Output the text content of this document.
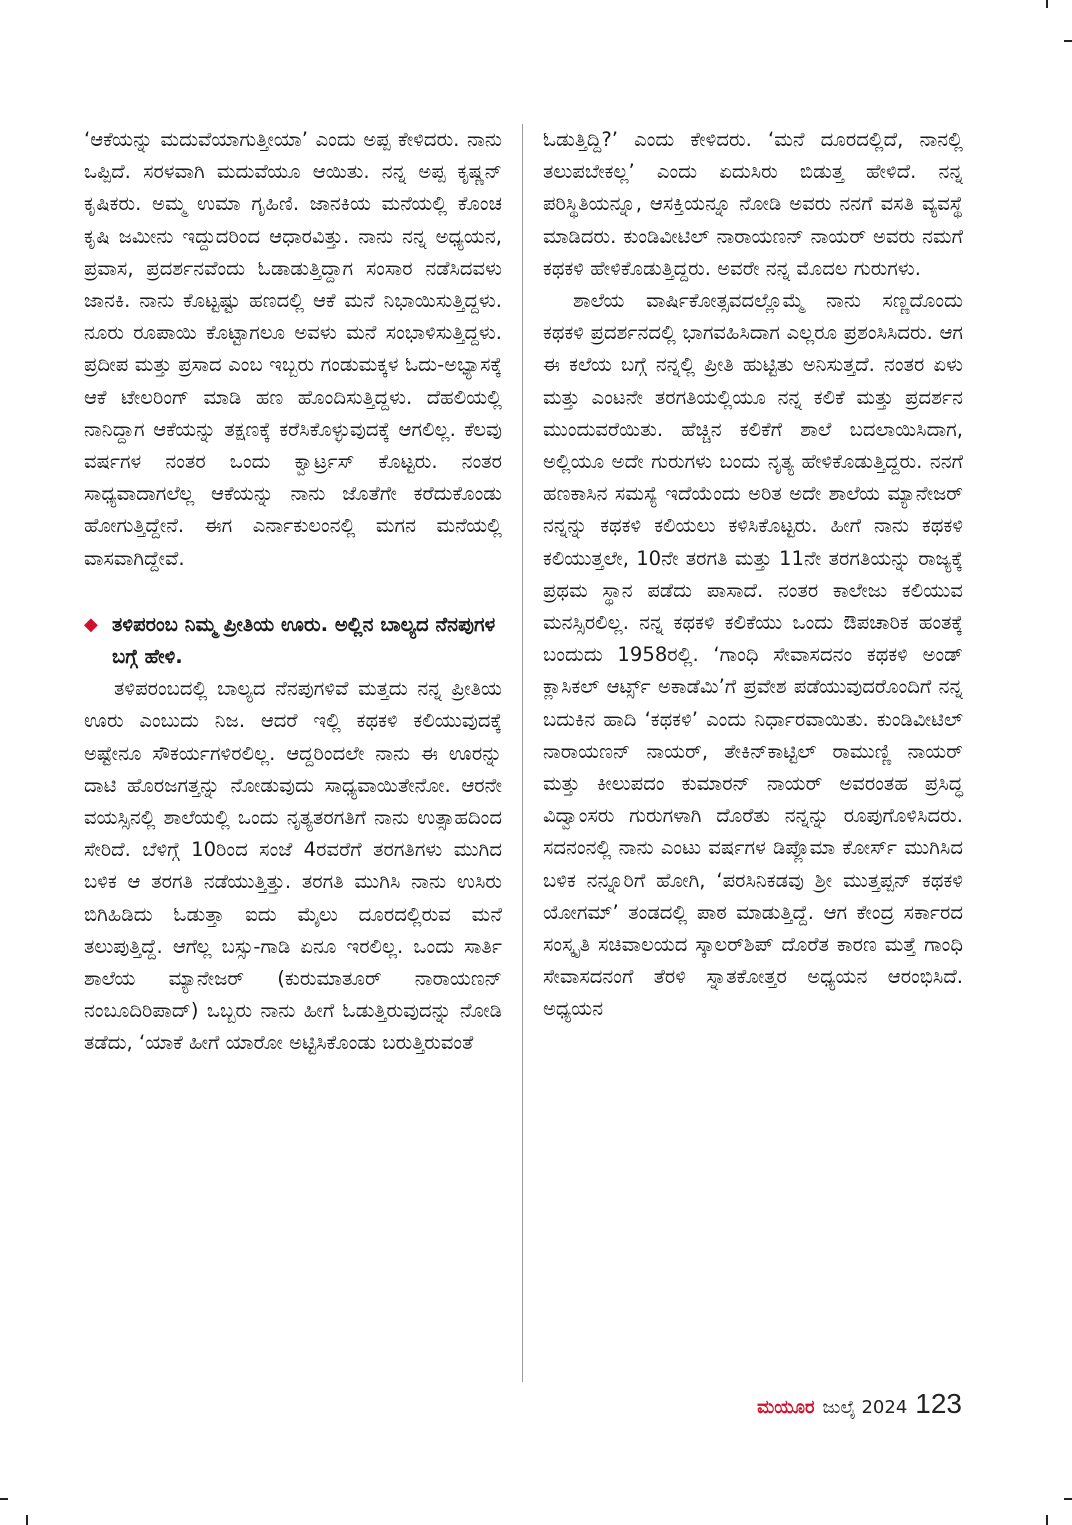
‘ಆಕೆಯನ್ನು ಮದುವೆಯಾಗುತ್ತೀಯಾ’ ಎಂದು ಅಪ್ಪ ಕೇಳಿದರು. ನಾನು ಒಪ್ಪಿದೆ. ಸರಳವಾಗಿ ಮದುವೆಯೂ ಆಯಿತು. ನನ್ನ ಅಪ್ಪ ಕೃಷ್ಣನ್ ಕೃಷಿಕರು. ಅಮ್ಮ ಉಮಾ ಗೃಹಿಣಿ. ಜಾನಕಿಯ ಮನೆಯಲ್ಲಿ ಕೊಂಚ ಕೃಷಿ ಜಮೀನು ಇದ್ದುದರಿಂದ ಆಧಾರವಿತ್ತು. ನಾನು ನನ್ನ ಅಧ್ಯಯನ, ಪ್ರವಾಸ, ಪ್ರದರ್ಶನವೆಂದು ಓಡಾಡುತ್ತಿದ್ದಾಗ ಸಂಸಾರ ನಡೆಸಿದವಳು ಜಾನಕಿ. ನಾನು ಕೊಟ್ಟಷ್ಟು ಹಣದಲ್ಲಿ ಆಕೆ ಮನೆ ನಿಭಾಯಿಸುತ್ತಿದ್ದಳು. ನೂರು ರೂಪಾಯಿ ಕೊಟ್ಟಾಗಲೂ ಅವಳು ಮನೆ ಸಂಭಾಳಿಸುತ್ತಿದ್ದಳು. ಪ್ರದೀಪ ಮತ್ತು ಪ್ರಸಾದ ಎಂಬ ಇಬ್ಬರು ಗಂಡುಮಕ್ಕಳ ಓದು-ಅಭ್ಯಾಸಕ್ಕೆ ಆಕೆ ಟೇಲರಿಂಗ್ ಮಾಡಿ ಹಣ ಹೊಂದಿಸುತ್ತಿದ್ದಳು. ದೆಹಲಿಯಲ್ಲಿ ನಾನಿದ್ದಾಗ ಆಕೆಯನ್ನು ತಕ್ಷಣಕ್ಕೆ ಕರೆಸಿಕೊಳ್ಳುವುದಕ್ಕೆ ಆಗಲಿಲ್ಲ. ಕೆಲವು ವರ್ಷಗಳ ನಂತರ ಒಂದು ಕ್ವಾರ್ಟ್ರಸ್ ಕೊಟ್ಟರು. ನಂತರ ಸಾಧ್ಯವಾದಾಗಲೆಲ್ಲ ಆಕೆಯನ್ನು ನಾನು ಜೊತೆಗೇ ಕರೆದುಕೊಂಡು ಹೋಗುತ್ತಿದ್ದೇನೆ. ಈಗ ಎರ್ನಾಕುಲಂನಲ್ಲಿ ಮಗನ ಮನೆಯಲ್ಲಿ ವಾಸವಾಗಿದ್ದೇವೆ.

◆ ತಳಿಪರಂಬ ನಿಮ್ಮ ಪ್ರೀತಿಯ ಊರು. ಅಲ್ಲಿನ ಬಾಲ್ಯದ ನೆನಪುಗಳ ಬಗ್ಗೆ ಹೇಳಿ.

ತಳಿಪರಂಬದಲ್ಲಿ ಬಾಲ್ಯದ ನೆನಪುಗಳಿವೆ ಮತ್ತದು ನನ್ನ ಪ್ರೀತಿಯ ಊರು ಎಂಬುದು ನಿಜ. ಆದರೆ ಇಲ್ಲಿ ಕಥಕಳಿ ಕಲಿಯುವುದಕ್ಕೆ ಅಷ್ಟೇನೂ ಸೌಕರ್ಯಗಳಿರಲಿಲ್ಲ. ಆದ್ದರಿಂದಲೇ ನಾನು ಈ ಊರನ್ನು ದಾಟಿ ಹೊರಜಗತ್ತನ್ನು ನೋಡುವುದು ಸಾಧ್ಯವಾಯಿತೇನೋ. ಆರನೇ ವಯಸ್ಸಿನಲ್ಲಿ ಶಾಲೆಯಲ್ಲಿ ಒಂದು ನೃತ್ಯತರಗತಿಗೆ ನಾನು ಉತ್ಸಾಹದಿಂದ ಸೇರಿದೆ. ಬೆಳಿಗ್ಗೆ 10ರಿಂದ ಸಂಜೆ 4ರವರೆಗೆ ತರಗತಿಗಳು ಮುಗಿದ ಬಳಿಕ ಆ ತರಗತಿ ನಡೆಯುತ್ತಿತ್ತು. ತರಗತಿ ಮುಗಿಸಿ ನಾನು ಉಸಿರು ಬಿಗಿಹಿಡಿದು ಓಡುತ್ತಾ ಐದು ಮೈಲು ದೂರದಲ್ಲಿರುವ ಮನೆ ತಲುಪುತ್ತಿದ್ದೆ. ಆಗೆಲ್ಲ ಬಸ್ಸು-ಗಾಡಿ ಏನೂ ಇರಲಿಲ್ಲ. ಒಂದು ಸಾರ್ತಿ ಶಾಲೆಯ ಮ್ಯಾನೇಜರ್ (ಕುರುಮಾತೂರ್ ನಾರಾಯಣನ್ ನಂಬೂದಿರಿಪಾದ್) ಒಬ್ಬರು ನಾನು ಹೀಗೆ ಓಡುತ್ತಿರುವುದನ್ನು ನೋಡಿ ತಡೆದು, ‘ಯಾಕೆ ಹೀಗೆ ಯಾರೋ ಅಟ್ಟಿಸಿಕೊಂಡು ಬರುತ್ತಿರುವಂತೆ

ಓಡುತ್ತಿದ್ದಿ?’ ಎಂದು ಕೇಳಿದರು. ‘ಮನೆ ದೂರದಲ್ಲಿದೆ, ನಾನಲ್ಲಿ ತಲುಪಬೇಕಲ್ಲ’ ಎಂದು ಏದುಸಿರು ಬಿಡುತ್ತ ಹೇಳಿದೆ. ನನ್ನ ಪರಿಸ್ಥಿತಿಯನ್ನೂ, ಆಸಕ್ತಿಯನ್ನೂ ನೋಡಿ ಅವರು ನನಗೆ ವಸತಿ ವ್ಯವಸ್ಥೆ ಮಾಡಿದರು. ಕುಂಡಿವೀಟಿಲ್ ನಾರಾಯಣನ್ ನಾಯರ್ ಅವರು ನಮಗೆ ಕಥಕಳಿ ಹೇಳಿಕೊಡುತ್ತಿದ್ದರು. ಅವರೇ ನನ್ನ ಮೊದಲ ಗುರುಗಳು.

ಶಾಲೆಯ ವಾರ್ಷಿಕೋತ್ಸವದಲ್ಲೊಮ್ಮೆ ನಾನು ಸಣ್ಣದೊಂದು ಕಥಕಳಿ ಪ್ರದರ್ಶನದಲ್ಲಿ ಭಾಗವಹಿಸಿದಾಗ ಎಲ್ಲರೂ ಪ್ರಶಂಸಿಸಿದರು. ಆಗ ಈ ಕಲೆಯ ಬಗ್ಗೆ ನನ್ನಲ್ಲಿ ಪ್ರೀತಿ ಹುಟ್ಟಿತು ಅನಿಸುತ್ತದೆ. ನಂತರ ಏಳು ಮತ್ತು ಎಂಟನೇ ತರಗತಿಯಲ್ಲಿಯೂ ನನ್ನ ಕಲಿಕೆ ಮತ್ತು ಪ್ರದರ್ಶನ ಮುಂದುವರೆಯಿತು. ಹೆಚ್ಚಿನ ಕಲಿಕೆಗೆ ಶಾಲೆ ಬದಲಾಯಿಸಿದಾಗ, ಅಲ್ಲಿಯೂ ಅದೇ ಗುರುಗಳು ಬಂದು ನೃತ್ಯ ಹೇಳಿಕೊಡುತ್ತಿದ್ದರು. ನನಗೆ ಹಣಕಾಸಿನ ಸಮಸ್ಯೆ ಇದೆಯೆಂದು ಅರಿತ ಅದೇ ಶಾಲೆಯ ಮ್ಯಾನೇಜರ್ ನನ್ನನ್ನು ಕಥಕಳಿ ಕಲಿಯಲು ಕಳಿಸಿಕೊಟ್ಟರು. ಹೀಗೆ ನಾನು ಕಥಕಳಿ ಕಲಿಯುತ್ತಲೇ, 10ನೇ ತರಗತಿ ಮತ್ತು 11ನೇ ತರಗತಿಯನ್ನು ರಾಜ್ಯಕ್ಕೆ ಪ್ರಥಮ ಸ್ಥಾನ ಪಡೆದು ಪಾಸಾದೆ. ನಂತರ ಕಾಲೇಜು ಕಲಿಯುವ ಮನಸ್ಸಿರಲಿಲ್ಲ. ನನ್ನ ಕಥಕಳಿ ಕಲಿಕೆಯು ಒಂದು ಔಪಚಾರಿಕ ಹಂತಕ್ಕೆ ಬಂದುದು 1958ರಲ್ಲಿ. ‘ಗಾಂಧಿ ಸೇವಾಸದನಂ ಕಥಕಳಿ ಅಂಡ್ ಕ್ಲಾಸಿಕಲ್ ಆರ್ಟ್ಸ್ ಅಕಾಡೆಮಿ’ಗೆ ಪ್ರವೇಶ ಪಡೆಯುವುದರೊಂದಿಗೆ ನನ್ನ ಬದುಕಿನ ಹಾದಿ ‘ಕಥಕಳಿ’ ಎಂದು ನಿರ್ಧಾರವಾಯಿತು. ಕುಂಡಿವೀಟಿಲ್ ನಾರಾಯಣನ್ ನಾಯರ್, ತೇಕಿನ್‌ಕಾಟ್ಟಿಲ್ ರಾಮುಣ್ಣಿ ನಾಯರ್ ಮತ್ತು ಕೀಲುಪದಂ ಕುಮಾರನ್ ನಾಯರ್ ಅವರಂತಹ ಪ್ರಸಿದ್ಧ ವಿದ್ವಾಂಸರು ಗುರುಗಳಾಗಿ ದೊರೆತು ನನ್ನನ್ನು ರೂಪುಗೊಳಿಸಿದರು. ಸದನಂನಲ್ಲಿ ನಾನು ಎಂಟು ವರ್ಷಗಳ ಡಿಪ್ಲೊಮಾ ಕೋರ್ಸ್ ಮುಗಿಸಿದ ಬಳಿಕ ನನ್ನೂರಿಗೆ ಹೋಗಿ, ‘ಪರಸಿನಿಕಡವು ಶ್ರೀ ಮುತ್ತಪ್ಪನ್ ಕಥಕಳಿ ಯೋಗಮ್’ ತಂಡದಲ್ಲಿ ಪಾಠ ಮಾಡುತ್ತಿದ್ದೆ. ಆಗ ಕೇಂದ್ರ ಸರ್ಕಾರದ ಸಂಸ್ಕೃತಿ ಸಚಿವಾಲಯದ ಸ್ಕಾಲರ್‌ಶಿಪ್ ದೊರೆತ ಕಾರಣ ಮತ್ತೆ ಗಾಂಧಿ ಸೇವಾಸದನಂಗೆ ತೆರಳಿ ಸ್ನಾತಕೋತ್ತರ ಅಧ್ಯಯನ ಆರಂಭಿಸಿದೆ. ಅಧ್ಯಯನ

ಮಯೂರ ಜುಲೈ 2024 123
